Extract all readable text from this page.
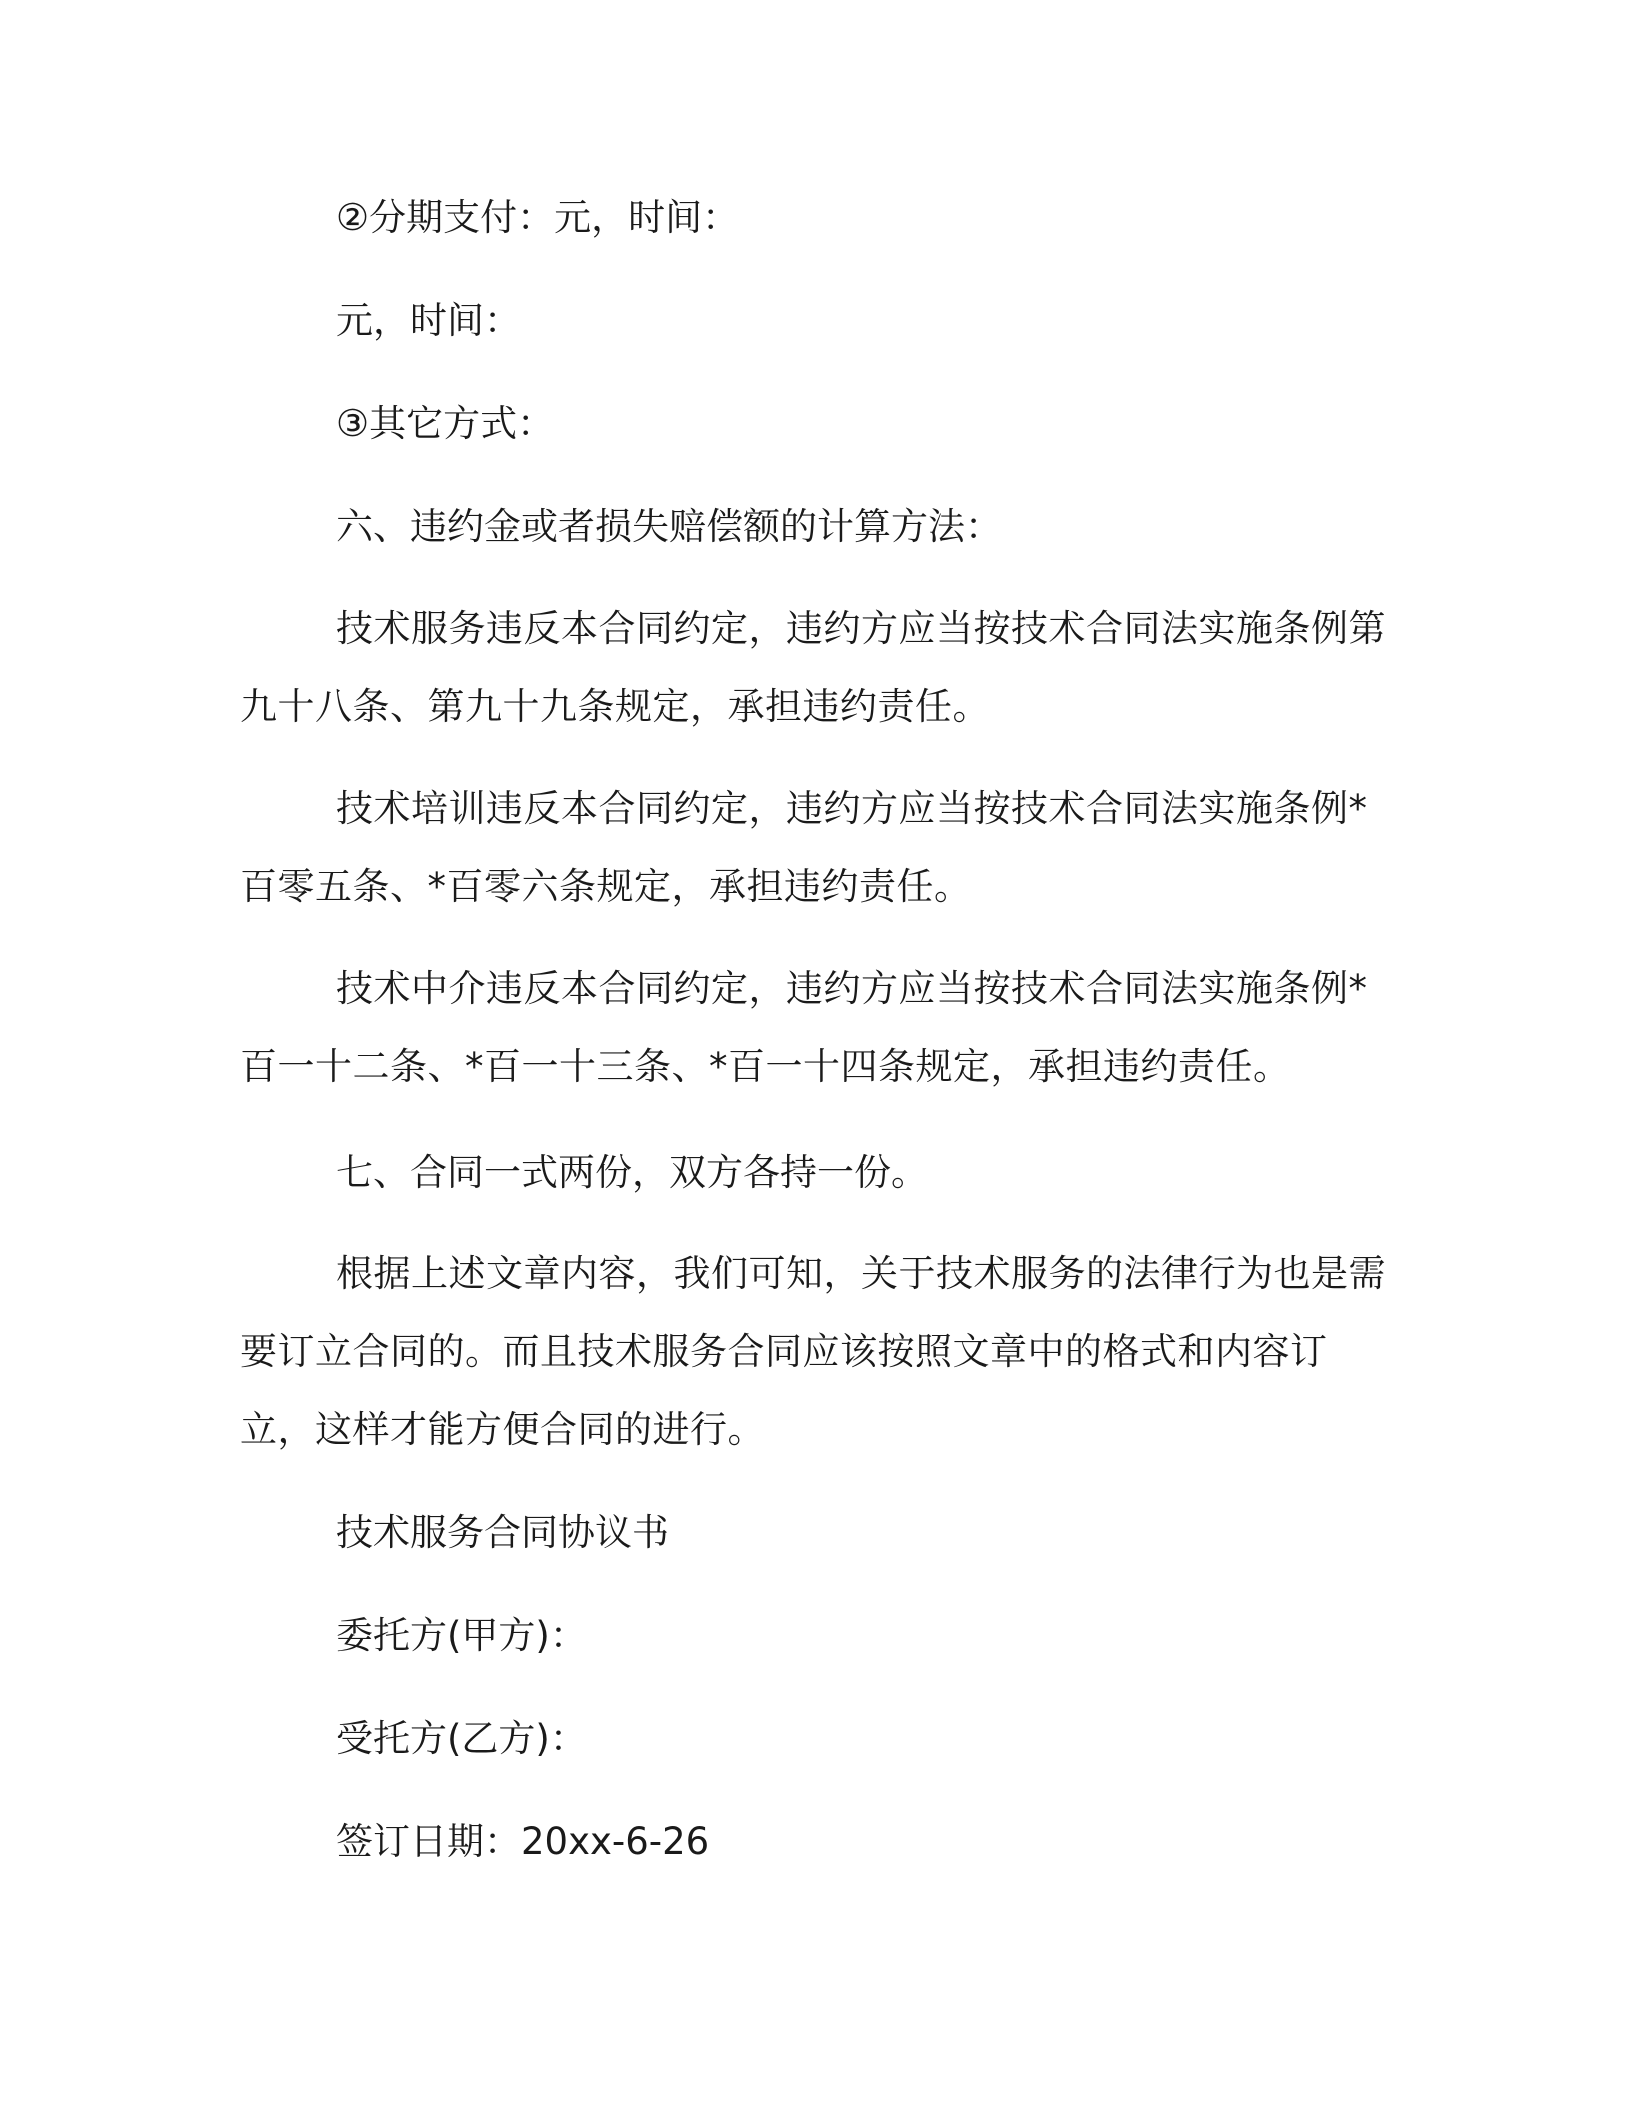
②分期支付：元，时间：

元，时间：

③其它方式：

六、违约金或者损失赔偿额的计算方法：

技术服务违反本合同约定，违约方应当按技术合同法实施条例第九十八条、第九十九条规定，承担违约责任。

技术培训违反本合同约定，违约方应当按技术合同法实施条例*百零五条、*百零六条规定，承担违约责任。

技术中介违反本合同约定，违约方应当按技术合同法实施条例*百一十二条、*百一十三条、*百一十四条规定，承担违约责任。

七、合同一式两份，双方各持一份。

根据上述文章内容，我们可知，关于技术服务的法律行为也是需要订立合同的。而且技术服务合同应该按照文章中的格式和内容订立，这样才能方便合同的进行。

技术服务合同协议书

委托方(甲方)：

受托方(乙方)：

签订日期：20xx-6-26
